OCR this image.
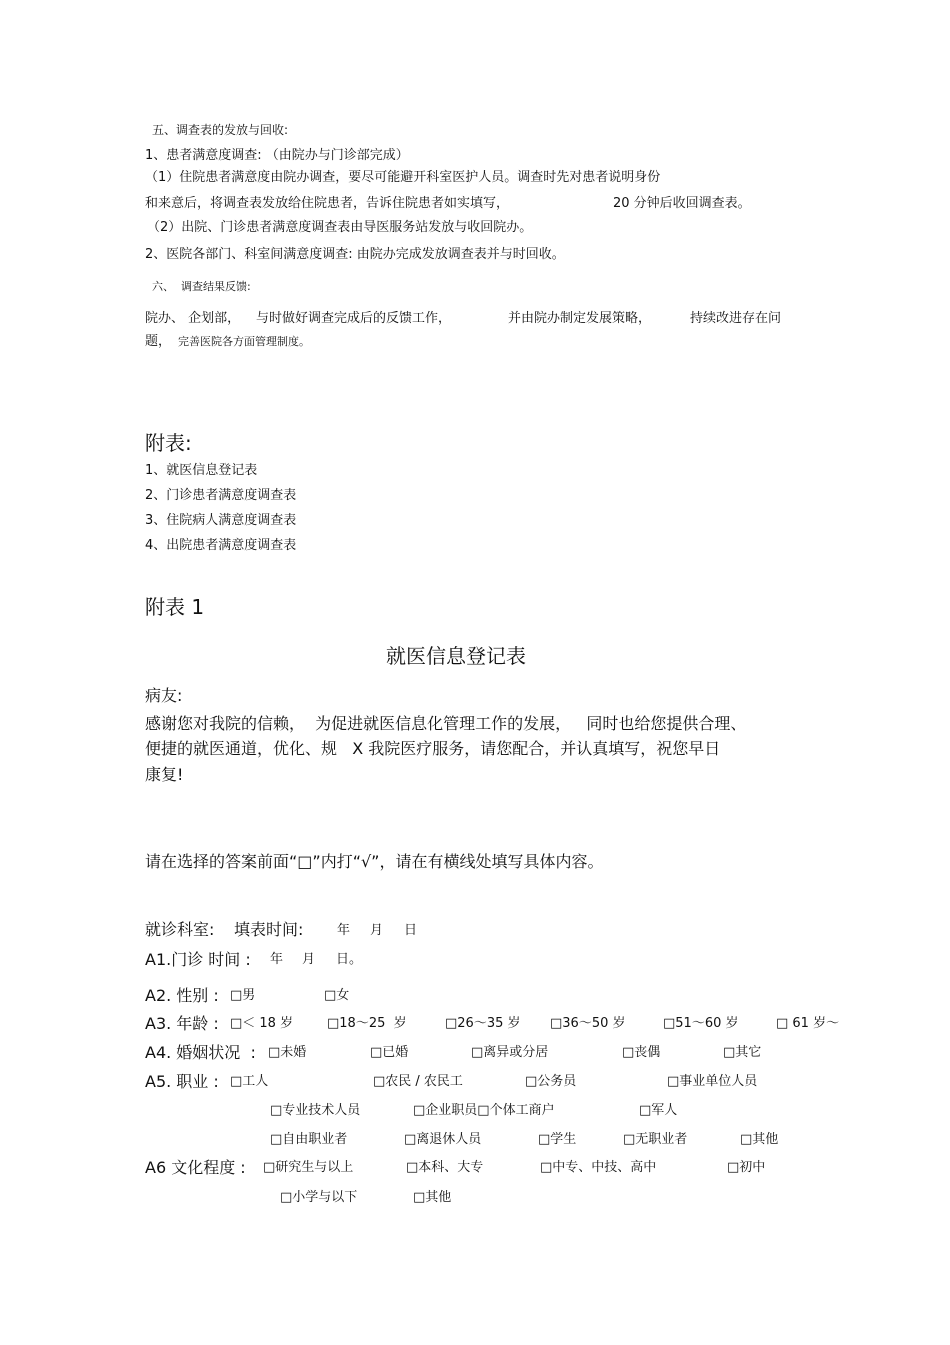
五、调查表的发放与回收:
1、患者满意度调查: （由院办与门诊部完成）
（1）住院患者满意度由院办调查，要尽可能避开科室医护人员。调查时先对患者说明身份
和来意后，将调查表发放给住院患者，告诉住院患者如实填写，	20 分钟后收回调查表。
（2）出院、门诊患者满意度调查表由导医服务站发放与收回院办。
2、医院各部门、科室间满意度调查: 由院办完成发放调查表并与时回收。
六、  调查结果反馈:
院办、 企划部， 与时做好调查完成后的反馈工作，	并由院办制定发展策略，	持续改进存在问
题， 完善医院各方面管理制度。
附表:
1、就医信息登记表
2、门诊患者满意度调查表
3、住院病人满意度调查表
4、出院患者满意度调查表
附表 1
就医信息登记表
病友:
感谢您对我院的信赖，  为促进就医信息化管理工作的发展，   同时也给您提供合理、
便捷的就医通道，优化、规   X 我院医疗服务，请您配合，并认真填写，祝您早日
康复!
请在选择的答案前面“□”内打“√”，请在有横线处填写具体内容。
就诊科室: 填表时间:	年 月 日
A1.门诊 时间 : 年 月 日。
A2. 性别 : □男	□女
A3. 年龄 : □＜ 18 岁	□18～25  岁	□26～35 岁 □36～50 岁	□51～60 岁	□ 61 岁～
A4. 婚姻状况  : □未婚	□已婚	□离异或分居	□丧偶	□其它
A5. 职业 : □工人	□农民 / 农民工	□公务员	□事业单位人员
□专业技术人员	□企业职员□个体工商户	□军人
□自由职业者	□离退休人员	□学生	□无职业者	□其他
A6 文化程度 : □研究生与以上	□本科、大专	□中专、中技、高中	□初中
□小学与以下	□其他
